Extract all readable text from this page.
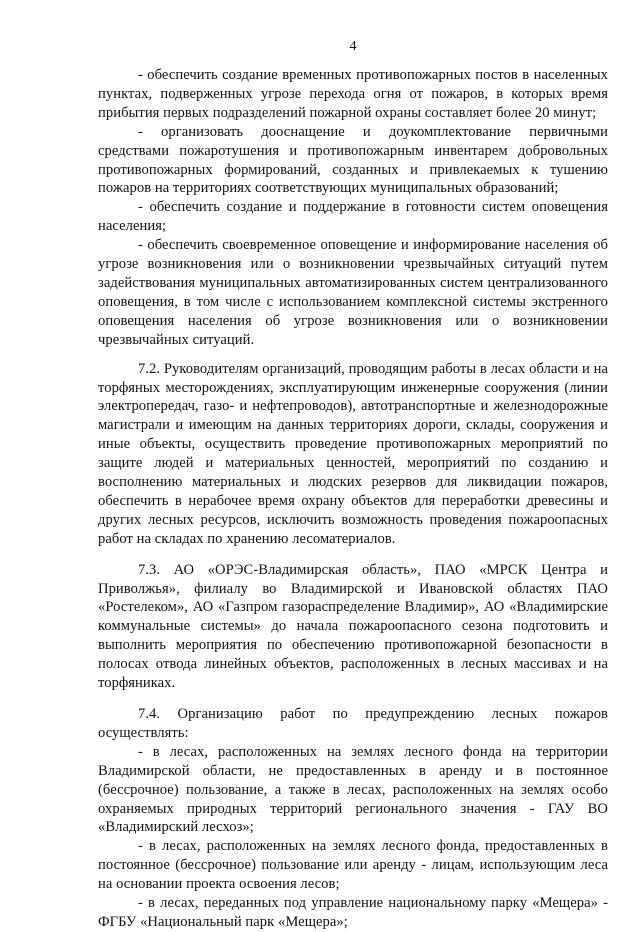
4

- обеспечить создание временных противопожарных постов в населенных пунктах, подверженных угрозе перехода огня от пожаров, в которых время прибытия первых подразделений пожарной охраны составляет более 20 минут;

- организовать дооснащение и доукомплектование первичными средствами пожаротушения и противопожарным инвентарем добровольных противопожарных формирований, созданных и привлекаемых к тушению пожаров на территориях соответствующих муниципальных образований;

- обеспечить создание и поддержание в готовности систем оповещения населения;

- обеспечить своевременное оповещение и информирование населения об угрозе возникновения или о возникновении чрезвычайных ситуаций путем задействования муниципальных автоматизированных систем централизованного оповещения, в том числе с использованием комплексной системы экстренного оповещения населения об угрозе возникновения или о возникновении чрезвычайных ситуаций.

7.2. Руководителям организаций, проводящим работы в лесах области и на торфяных месторождениях, эксплуатирующим инженерные сооружения (линии электропередач, газо- и нефтепроводов), автотранспортные и железнодорожные магистрали и имеющим на данных территориях дороги, склады, сооружения и иные объекты, осуществить проведение противопожарных мероприятий по защите людей и материальных ценностей, мероприятий по созданию и восполнению материальных и людских резервов для ликвидации пожаров, обеспечить в нерабочее время охрану объектов для переработки древесины и других лесных ресурсов, исключить возможность проведения пожароопасных работ на складах по хранению лесоматериалов.

7.3. АО «ОРЭС-Владимирская область», ПАО «МРСК Центра и Приволжья», филиалу во Владимирской и Ивановской областях ПАО «Ростелеком», АО «Газпром газораспределение Владимир», АО «Владимирские коммунальные системы» до начала пожароопасного сезона подготовить и выполнить мероприятия по обеспечению противопожарной безопасности в полосах отвода линейных объектов, расположенных в лесных массивах и на торфяниках.

7.4. Организацию работ по предупреждению лесных пожаров осуществлять:

- в лесах, расположенных на землях лесного фонда на территории Владимирской области, не предоставленных в аренду и в постоянное (бессрочное) пользование, а также в лесах, расположенных на землях особо охраняемых природных территорий регионального значения - ГАУ ВО «Владимирский лесхоз»;

- в лесах, расположенных на землях лесного фонда, предоставленных в постоянное (бессрочное) пользование или аренду - лицам, использующим леса на основании проекта освоения лесов;

- в лесах, переданных под управление национальному парку «Мещера» - ФГБУ «Национальный парк «Мещера»;
